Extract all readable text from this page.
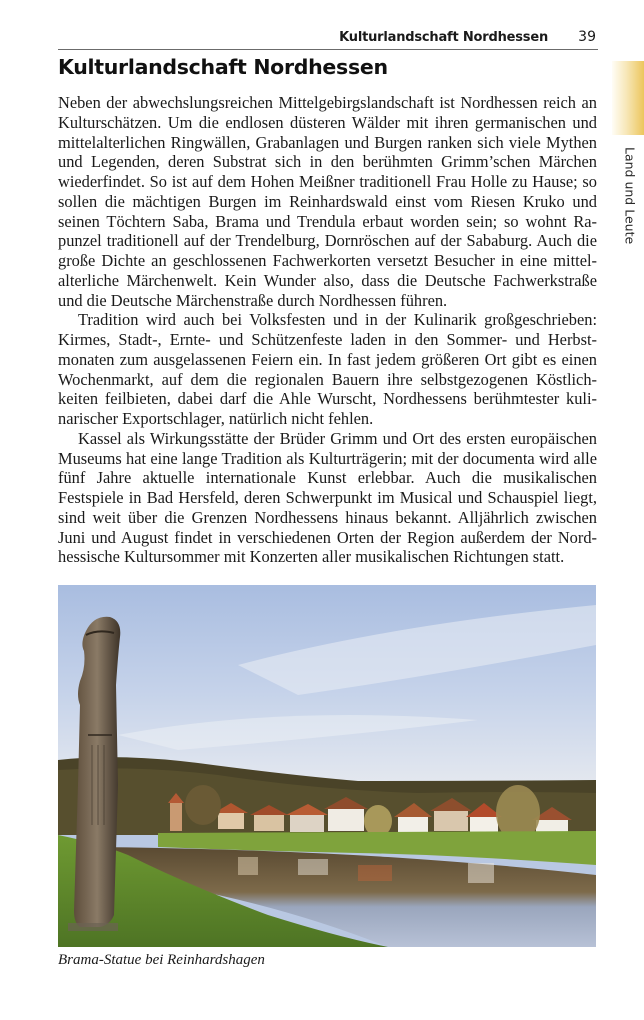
Kulturlandschaft Nordhessen 39
Land und Leute
Kulturlandschaft Nordhessen

Neben der abwechslungsreichen Mittelgebirgslandschaft ist Nordhessen reich an Kulturschätzen. Um die endlosen düsteren Wälder mit ihren germanischen und mittelalterlichen Ringwällen, Grabanlagen und Burgen ranken sich viele Mythen und Legenden, deren Substrat sich in den berühmten Grimm’schen Märchen wiederfindet. So ist auf dem Hohen Meißner traditionell Frau Holle zu Hause; so sollen die mächtigen Burgen im Reinhardswald einst vom Riesen Kruko und seinen Töchtern Saba, Brama und Trendula erbaut worden sein; so wohnt Rapunzel traditionell auf der Trendelburg, Dornröschen auf der Sababurg. Auch die große Dichte an geschlossenen Fachwerkorten versetzt Besucher in eine mittelalterliche Märchenwelt. Kein Wunder also, dass die Deutsche Fachwerkstraße und die Deutsche Märchenstraße durch Nordhessen führen.

Tradition wird auch bei Volksfesten und in der Kulinarik großgeschrieben: Kirmes, Stadt-, Ernte- und Schützenfeste laden in den Sommer- und Herbstmonaten zum ausgelassenen Feiern ein. In fast jedem größeren Ort gibt es einen Wochenmarkt, auf dem die regionalen Bauern ihre selbstgezogenen Köstlichkeiten feilbieten, dabei darf die Ahle Wurscht, Nordhessens berühmtester kulinarischer Exportschlager, natürlich nicht fehlen.

Kassel als Wirkungsstätte der Brüder Grimm und Ort des ersten europäischen Museums hat eine lange Tradition als Kulturträgerin; mit der documenta wird alle fünf Jahre aktuelle internationale Kunst erlebbar. Auch die musikalischen Festspiele in Bad Hersfeld, deren Schwerpunkt im Musical und Schauspiel liegt, sind weit über die Grenzen Nordhessens hinaus bekannt. Alljährlich zwischen Juni und August findet in verschiedenen Orten der Region außerdem der Nordhessische Kultursommer mit Konzerten aller musikalischen Richtungen statt.

Brama-Statue bei Reinhardshagen
